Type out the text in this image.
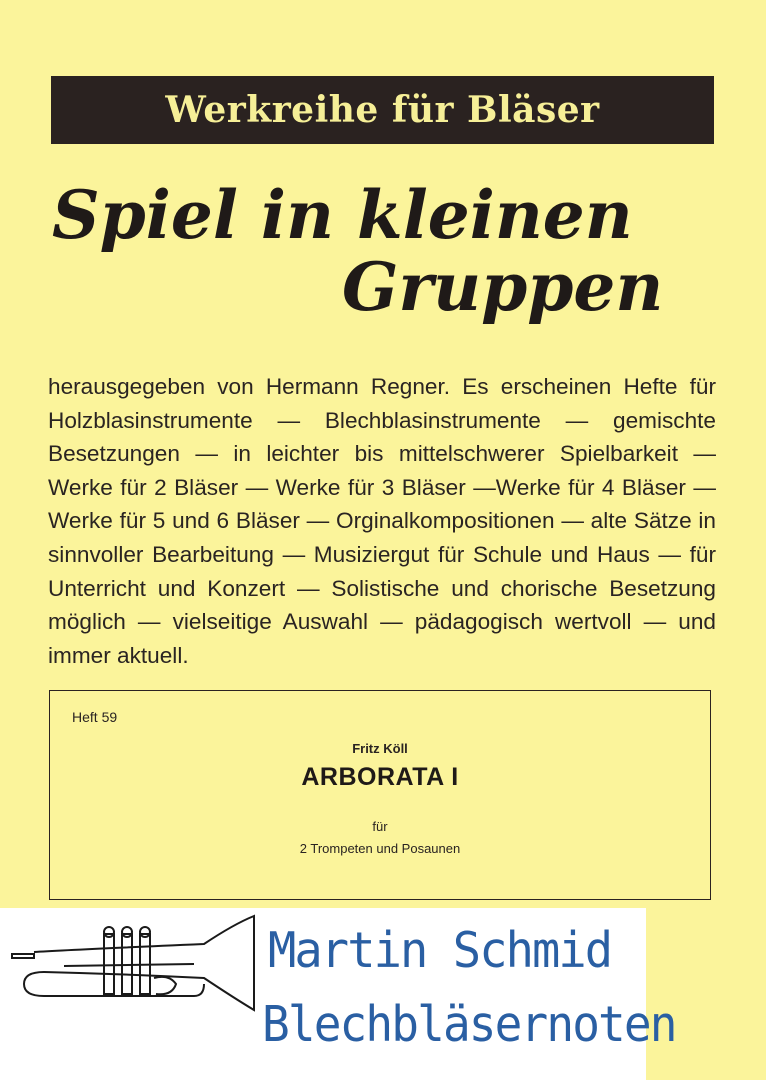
Werkreihe für Bläser
Spiel in kleinen
Gruppen
herausgegeben von Hermann Regner. Es erscheinen Hefte für Holzblasinstrumente — Blechblasinstrumente — gemischte Besetzungen — in leichter bis mittelschwerer Spielbarkeit — Werke für 2 Bläser — Werke für 3 Bläser —Werke für 4 Bläser — Werke für 5 und 6 Bläser — Orginalkompositionen — alte Sätze in sinnvoller Bearbeitung — Musiziergut für Schule und Haus — für Unterricht und Konzert — Solistische und chorische Besetzung möglich — vielseitige Auswahl — pädagogisch wertvoll — und immer aktuell.
Heft 59
Fritz Köll
ARBORATA I
für
2 Trompeten und Posaunen
Martin Schmid
Blechbläsernoten
